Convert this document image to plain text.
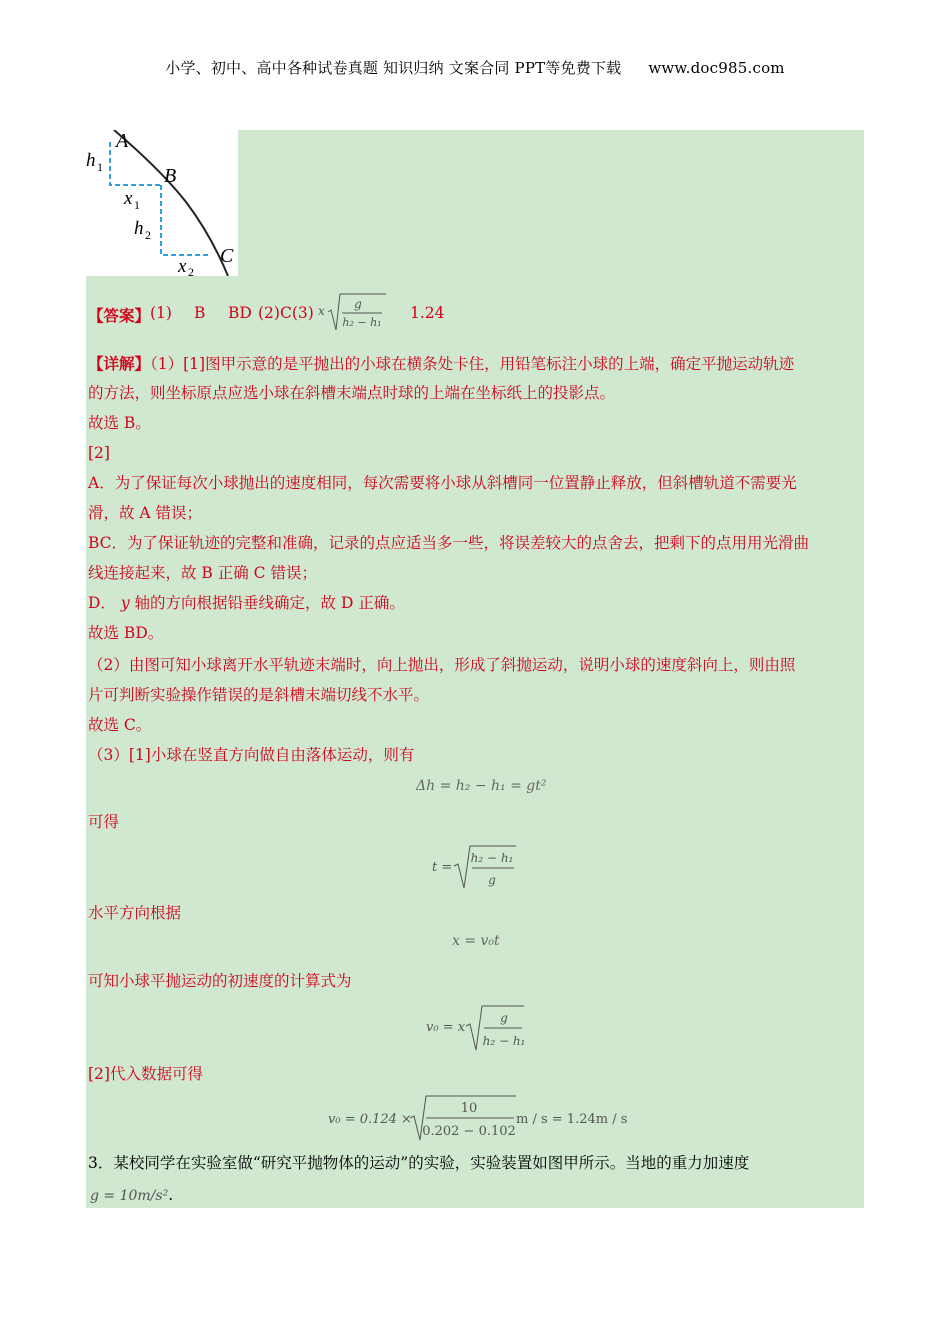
小学、初中、高中各种试卷真题 知识归纳 文案合同 PPT等免费下载 www.doc985.com
A
B
C
h 1
x 1
h 2
x 2
【答案】 (1) B BD (2)C(3)	1.24
x g
h₂ − h₁
【详解】（1）[1]图甲示意的是平抛出的小球在横条处卡住，用铅笔标注小球的上端，确定平抛运动轨迹
的方法，则坐标原点应选小球在斜槽末端点时球的上端在坐标纸上的投影点。
故选 B。
[2]
A．为了保证每次小球抛出的速度相同，每次需要将小球从斜槽同一位置静止释放，但斜槽轨道不需要光
滑，故 A 错误；
BC．为了保证轨迹的完整和准确，记录的点应适当多一些，将误差较大的点舍去，把剩下的点用用光滑曲
线连接起来，故 B 正确 C 错误；
D． y 轴的方向根据铅垂线确定，故 D 正确。
故选 BD。
（2）由图可知小球离开水平轨迹末端时，向上抛出，形成了斜抛运动，说明小球的速度斜向上，则由照
片可判断实验操作错误的是斜槽末端切线不水平。
故选 C。
（3）[1]小球在竖直方向做自由落体运动，则有
Δh = h₂ − h₁ = gt²
可得
t =
h₂ − h₁
g
水平方向根据
x = v₀t
可知小球平抛运动的初速度的计算式为
v₀ = x
g
h₂ − h₁
[2]代入数据可得
v₀ = 0.124 ×
10
0.202 − 0.102
m / s = 1.24m / s
3．某校同学在实验室做“研究平抛物体的运动”的实验，实验装置如图甲所示。当地的重力加速度
g = 10m/s².
